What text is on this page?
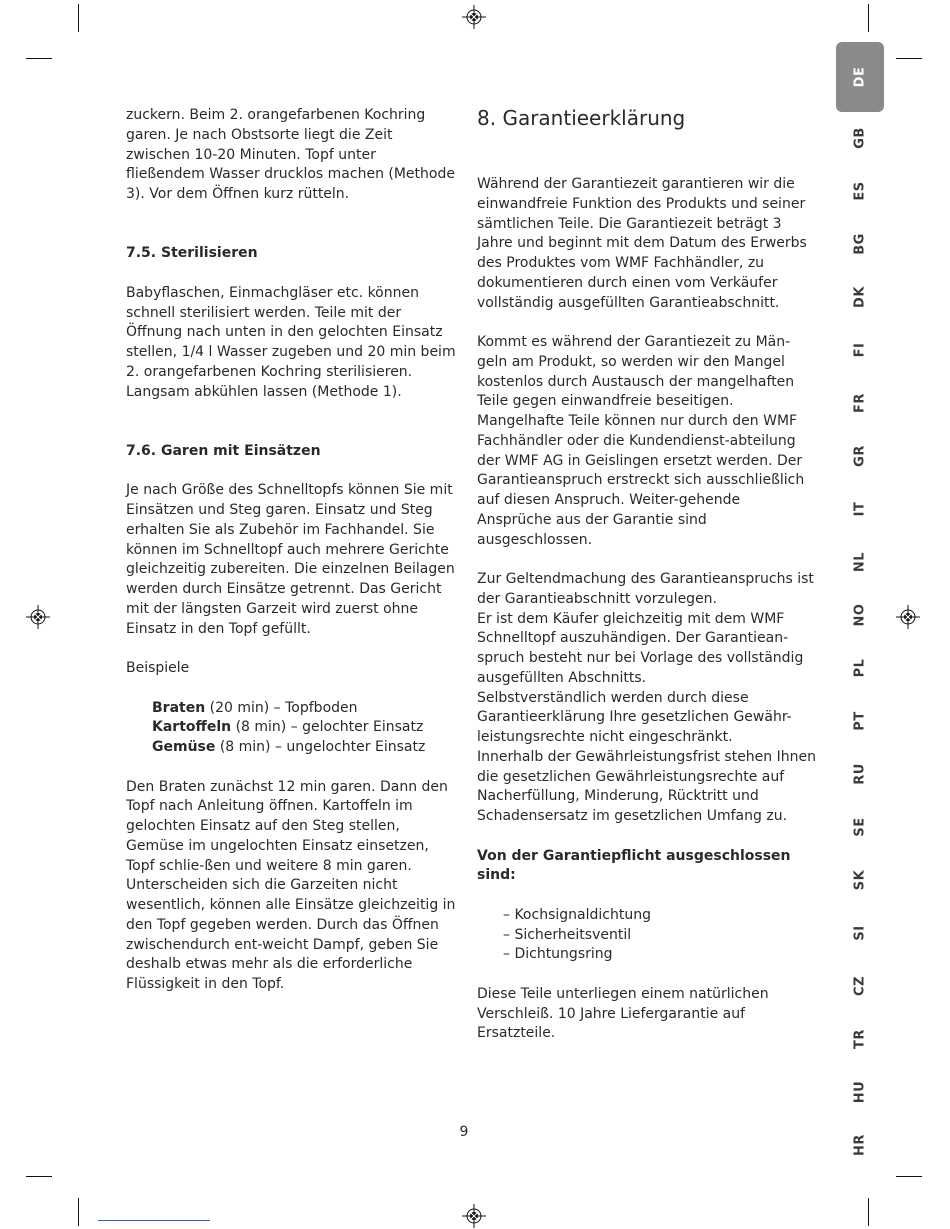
zuckern. Beim 2. orangefarbenen Kochring garen. Je nach Obstsorte liegt die Zeit zwischen 10-20 Minuten. Topf unter fließendem Wasser drucklos machen (Methode 3). Vor dem Öffnen kurz rütteln.

7.5. Sterilisieren

Babyflaschen, Einmachgläser etc. können schnell sterilisiert werden. Teile mit der Öffnung nach unten in den gelochten Einsatz stellen, 1/4 l Wasser zugeben und 20 min beim 2. orangefarbenen Kochring sterilisieren. Langsam abkühlen lassen (Methode 1).

7.6. Garen mit Einsätzen

Je nach Größe des Schnelltopfs können Sie mit Einsätzen und Steg garen. Einsatz und Steg erhalten Sie als Zubehör im Fachhandel. Sie können im Schnelltopf auch mehrere Gerichte gleichzeitig zubereiten. Die einzelnen Beilagen werden durch Einsätze getrennt. Das Gericht mit der längsten Garzeit wird zuerst ohne Einsatz in den Topf gefüllt.

Beispiele

Braten (20 min) – Topfboden

Kartoffeln (8 min) – gelochter Einsatz

Gemüse (8 min) – ungelochter Einsatz

Den Braten zunächst 12 min garen. Dann den Topf nach Anleitung öffnen. Kartoffeln im gelochten Einsatz auf den Steg stellen, Gemüse im ungelochten Einsatz einsetzen, Topf schlie-ßen und weitere 8 min garen. Unterscheiden sich die Garzeiten nicht wesentlich, können alle Einsätze gleichzeitig in den Topf gegeben werden. Durch das Öffnen zwischendurch ent-weicht Dampf, geben Sie deshalb etwas mehr als die erforderliche Flüssigkeit in den Topf.

8. Garantieerklärung

Während der Garantiezeit garantieren wir die einwandfreie Funktion des Produkts und seiner sämtlichen Teile. Die Garantiezeit beträgt 3 Jahre und beginnt mit dem Datum des Erwerbs des Produktes vom WMF Fachhändler, zu dokumentieren durch einen vom Verkäufer vollständig ausgefüllten Garantieabschnitt.

Kommt es während der Garantiezeit zu Män-geln am Produkt, so werden wir den Mangel kostenlos durch Austausch der mangelhaften Teile gegen einwandfreie beseitigen. Mangelhafte Teile können nur durch den WMF Fachhändler oder die Kundendienst-abteilung der WMF AG in Geislingen ersetzt werden. Der Garantieanspruch erstreckt sich ausschließlich auf diesen Anspruch. Weiter-gehende Ansprüche aus der Garantie sind ausgeschlossen.

Zur Geltendmachung des Garantieanspruchs ist der Garantieabschnitt vorzulegen.

Er ist dem Käufer gleichzeitig mit dem WMF Schnelltopf auszuhändigen. Der Garantiean-spruch besteht nur bei Vorlage des vollständig ausgefüllten Abschnitts.

Selbstverständlich werden durch diese Garantieerklärung Ihre gesetzlichen Gewähr-leistungsrechte nicht eingeschränkt.

Innerhalb der Gewährleistungsfrist stehen Ihnen die gesetzlichen Gewährleistungsrechte auf Nacherfüllung, Minderung, Rücktritt und Schadensersatz im gesetzlichen Umfang zu.

Von der Garantiepflicht ausgeschlossen sind:

– Kochsignaldichtung

– Sicherheitsventil

– Dichtungsring

Diese Teile unterliegen einem natürlichen Verschleiß. 10 Jahre Liefergarantie auf Ersatzteile.

9
DE
GB
ES
BG
DK
FI
FR
GR
IT
NL
NO
PL
PT
RU
SE
SK
SI
CZ
TR
HU
HR
